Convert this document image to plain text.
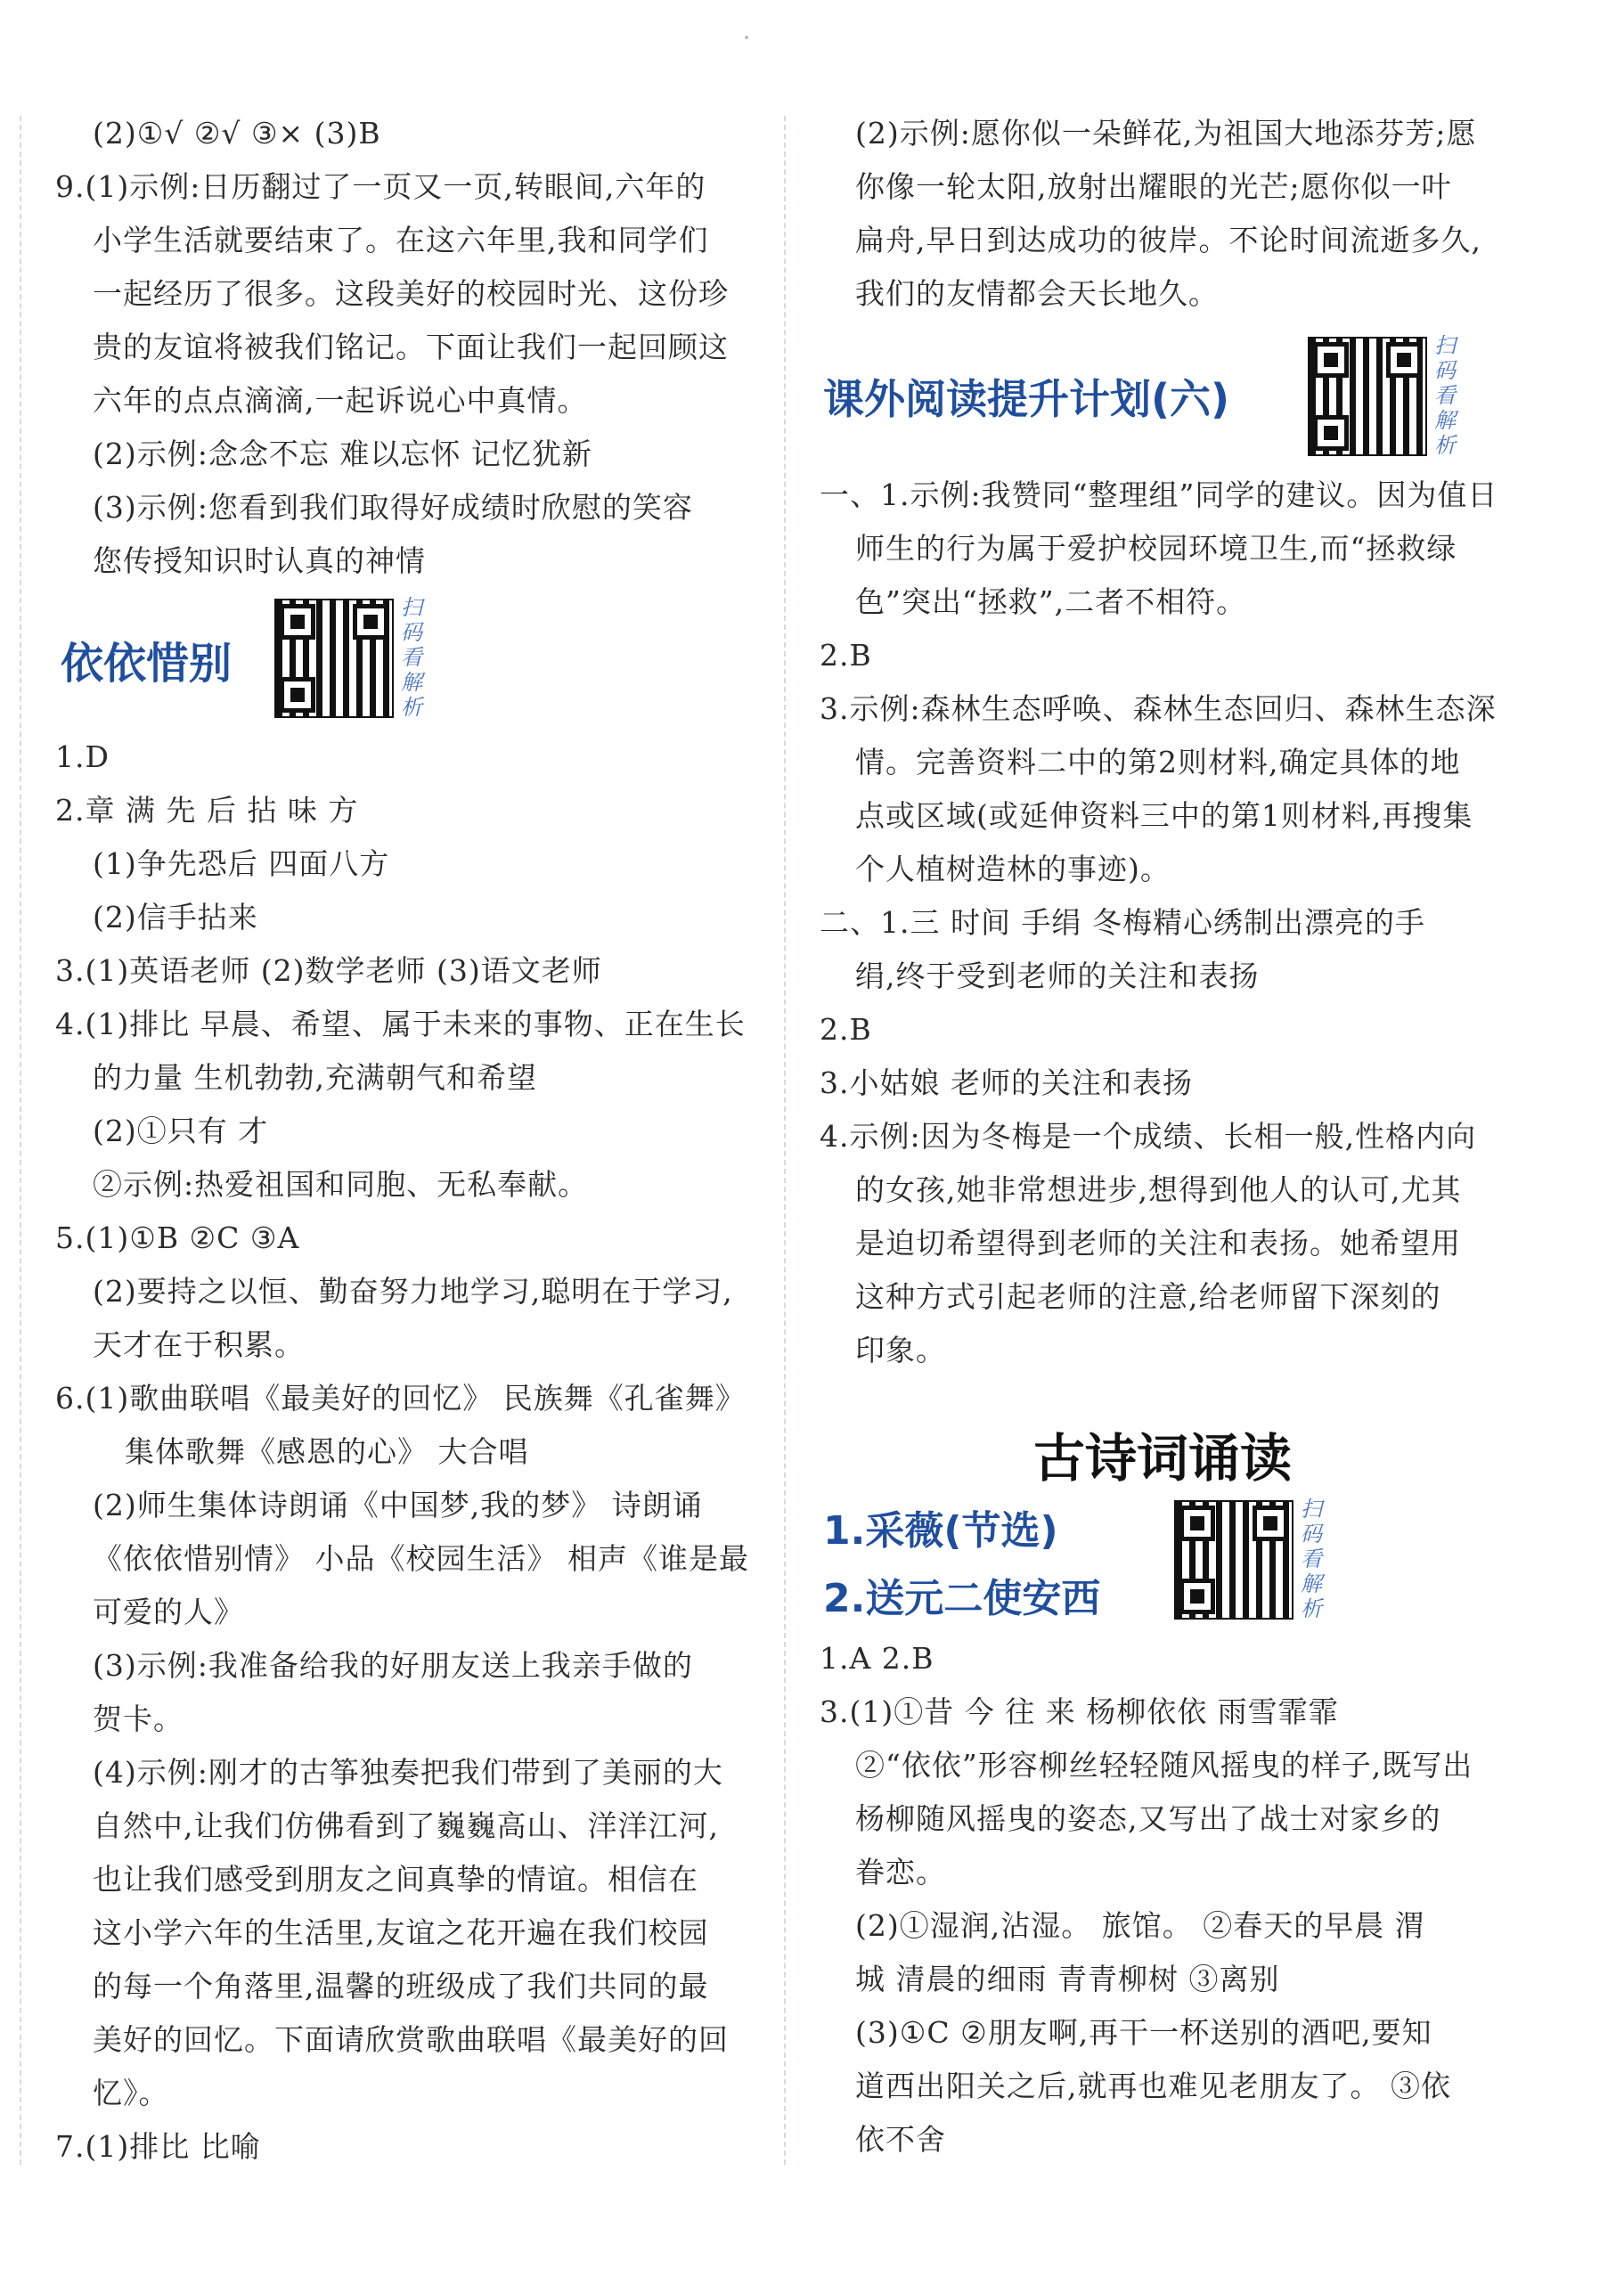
(2)①√ ②√ ③× (3)B
9.(1)示例:日历翻过了一页又一页,转眼间,六年的
小学生活就要结束了。在这六年里,我和同学们
一起经历了很多。这段美好的校园时光、这份珍
贵的友谊将被我们铭记。下面让我们一起回顾这
六年的点点滴滴,一起诉说心中真情。
(2)示例:念念不忘 难以忘怀 记忆犹新
(3)示例:您看到我们取得好成绩时欣慰的笑容
您传授知识时认真的神情
依依惜别
扫码看解析
1.D
2.章 满 先 后 拈 味 方
(1)争先恐后 四面八方
(2)信手拈来
3.(1)英语老师 (2)数学老师 (3)语文老师
4.(1)排比 早晨、希望、属于未来的事物、正在生长
的力量 生机勃勃,充满朝气和希望
(2)①只有 才
②示例:热爱祖国和同胞、无私奉献。
5.(1)①B ②C ③A
(2)要持之以恒、勤奋努力地学习,聪明在于学习,
天才在于积累。
6.(1)歌曲联唱《最美好的回忆》 民族舞《孔雀舞》
集体歌舞《感恩的心》 大合唱
(2)师生集体诗朗诵《中国梦,我的梦》 诗朗诵
《依依惜别情》 小品《校园生活》 相声《谁是最
可爱的人》
(3)示例:我准备给我的好朋友送上我亲手做的
贺卡。
(4)示例:刚才的古筝独奏把我们带到了美丽的大
自然中,让我们仿佛看到了巍巍高山、洋洋江河,
也让我们感受到朋友之间真挚的情谊。相信在
这小学六年的生活里,友谊之花开遍在我们校园
的每一个角落里,温馨的班级成了我们共同的最
美好的回忆。下面请欣赏歌曲联唱《最美好的回
忆》。
7.(1)排比 比喻
(2)示例:愿你似一朵鲜花,为祖国大地添芬芳;愿
你像一轮太阳,放射出耀眼的光芒;愿你似一叶
扁舟,早日到达成功的彼岸。不论时间流逝多久,
我们的友情都会天长地久。
课外阅读提升计划(六)
扫码看解析
一、1.示例:我赞同“整理组”同学的建议。因为值日
师生的行为属于爱护校园环境卫生,而“拯救绿
色”突出“拯救”,二者不相符。
2.B
3.示例:森林生态呼唤、森林生态回归、森林生态深
情。完善资料二中的第2则材料,确定具体的地
点或区域(或延伸资料三中的第1则材料,再搜集
个人植树造林的事迹)。
二、1.三 时间 手绢 冬梅精心绣制出漂亮的手
绢,终于受到老师的关注和表扬
2.B
3.小姑娘 老师的关注和表扬
4.示例:因为冬梅是一个成绩、长相一般,性格内向
的女孩,她非常想进步,想得到他人的认可,尤其
是迫切希望得到老师的关注和表扬。她希望用
这种方式引起老师的注意,给老师留下深刻的
印象。
古诗词诵读
1.采薇(节选)
2.送元二使安西
扫码看解析
1.A 2.B
3.(1)①昔 今 往 来 杨柳依依 雨雪霏霏
②“依依”形容柳丝轻轻随风摇曳的样子,既写出
杨柳随风摇曳的姿态,又写出了战士对家乡的
眷恋。
(2)①湿润,沾湿。 旅馆。 ②春天的早晨 渭
城 清晨的细雨 青青柳树 ③离别
(3)①C ②朋友啊,再干一杯送别的酒吧,要知
道西出阳关之后,就再也难见老朋友了。 ③依
依不舍
